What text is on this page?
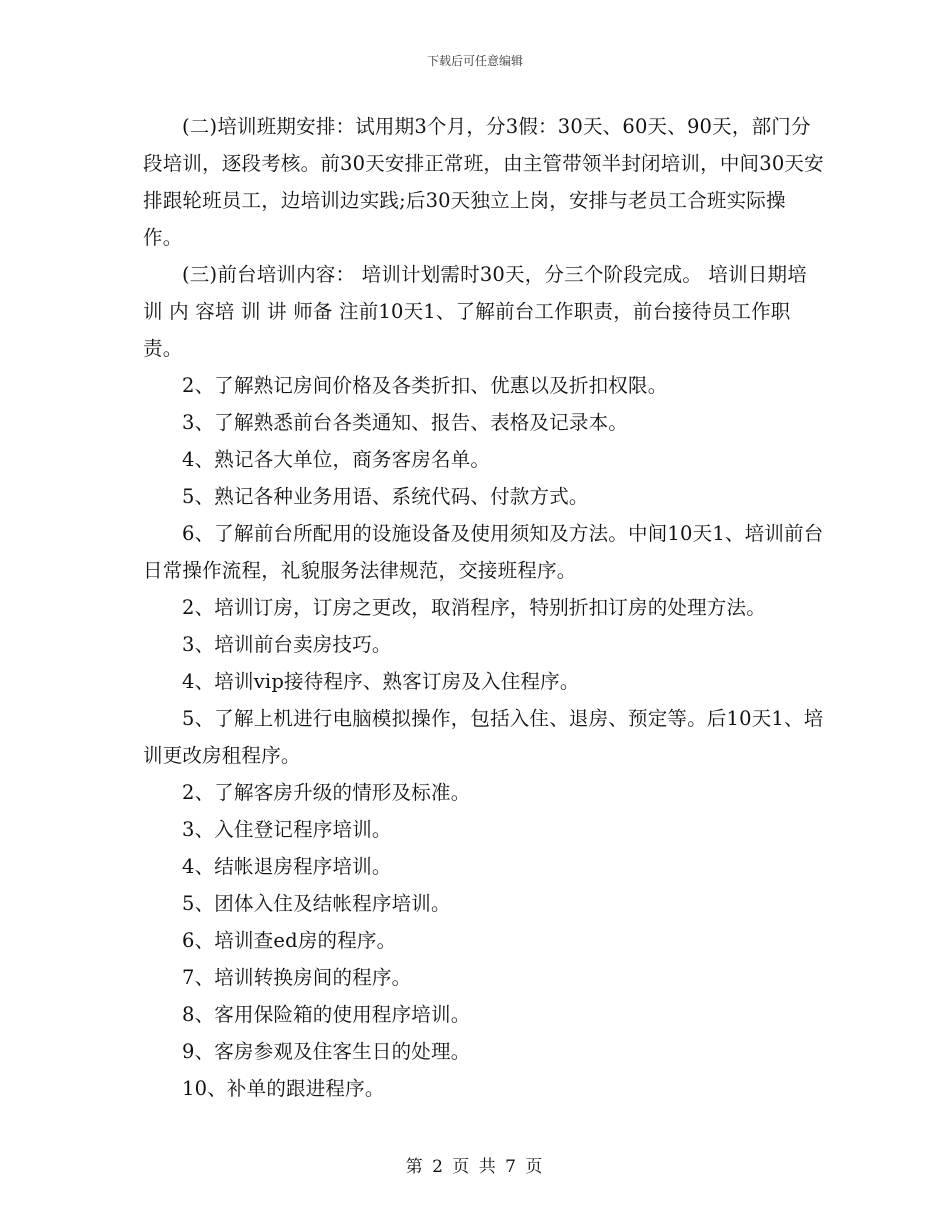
下载后可任意编辑

(二)培训班期安排：试用期3个月，分3假：30天、60天、90天，部门分段培训，逐段考核。前30天安排正常班，由主管带领半封闭培训，中间30天安排跟轮班员工，边培训边实践;后30天独立上岗，安排与老员工合班实际操作。

(三)前台培训内容： 培训计划需时30天，分三个阶段完成。 培训日期培 训 内 容培 训 讲 师备 注前10天1、了解前台工作职责，前台接待员工作职责。

2、了解熟记房间价格及各类折扣、优惠以及折扣权限。

3、了解熟悉前台各类通知、报告、表格及记录本。

4、熟记各大单位，商务客房名单。

5、熟记各种业务用语、系统代码、付款方式。

6、了解前台所配用的设施设备及使用须知及方法。中间10天1、培训前台日常操作流程，礼貌服务法律规范，交接班程序。

2、培训订房，订房之更改，取消程序，特别折扣订房的处理方法。

3、培训前台卖房技巧。

4、培训vip接待程序、熟客订房及入住程序。

5、了解上机进行电脑模拟操作，包括入住、退房、预定等。后10天1、培训更改房租程序。

2、了解客房升级的情形及标准。

3、入住登记程序培训。

4、结帐退房程序培训。

5、团体入住及结帐程序培训。

6、培训查ed房的程序。

7、培训转换房间的程序。

8、客用保险箱的使用程序培训。

9、客房参观及住客生日的处理。

10、补单的跟进程序。

第 2 页 共 7 页
